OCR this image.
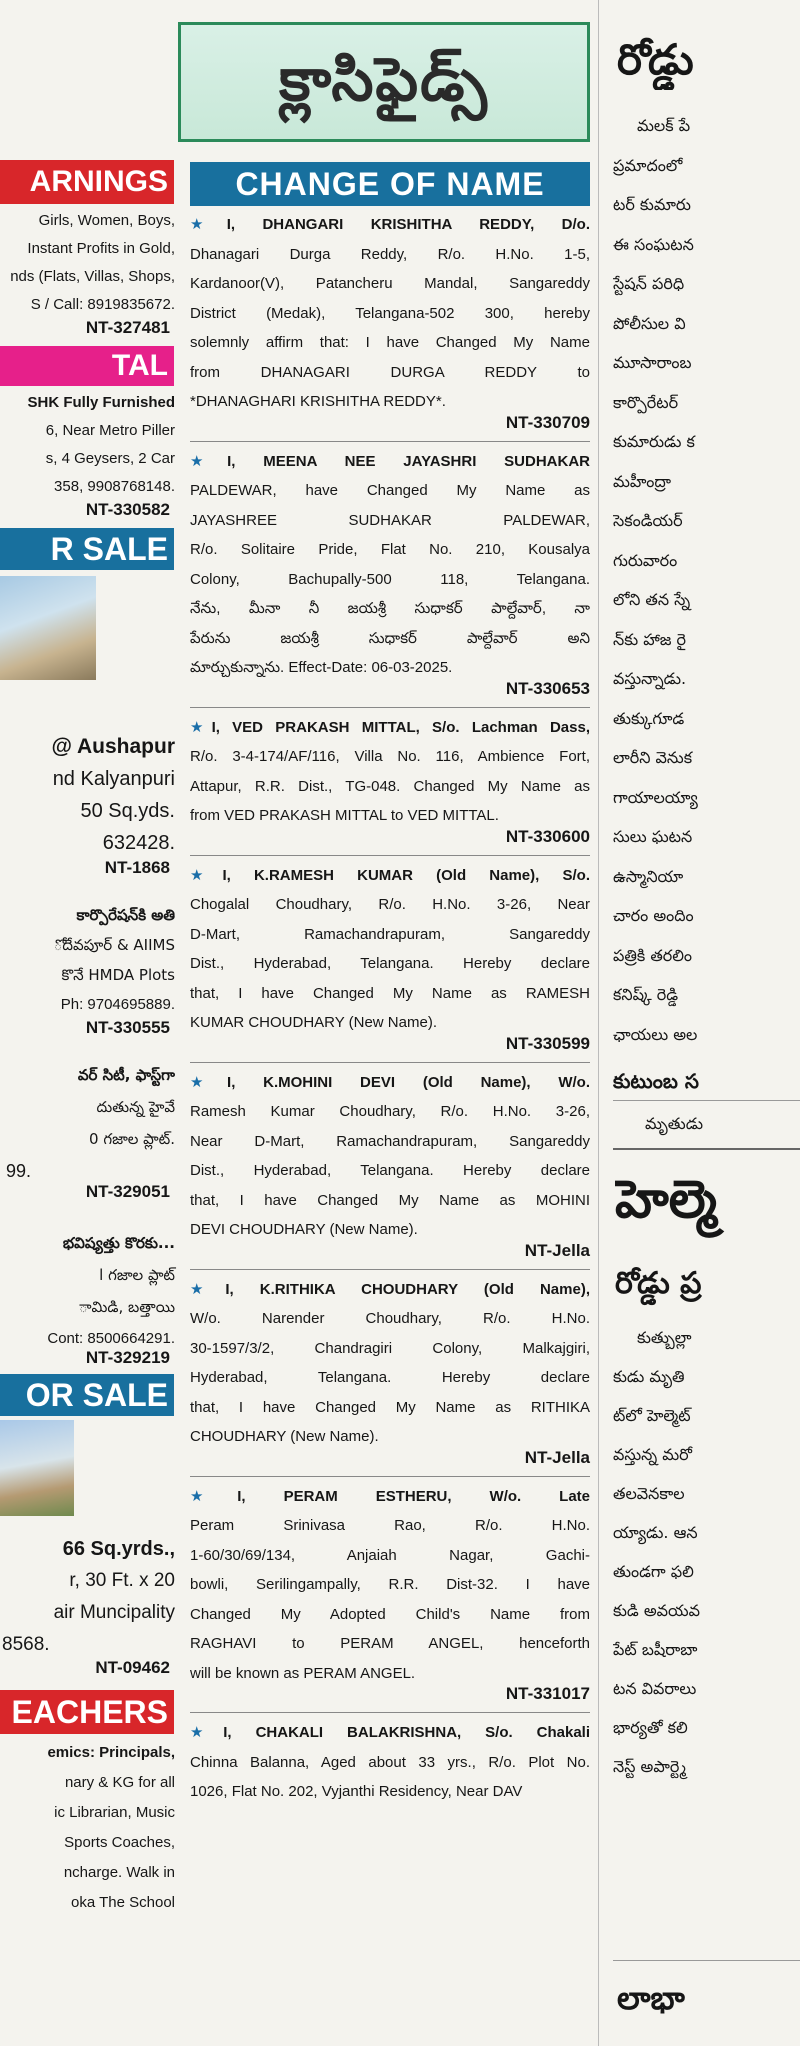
ARNINGS
Girls, Women, Boys,
Instant Profits in Gold,
nds (Flats, Villas, Shops,
S / Call: 8919835672.
NT-327481
TAL
SHK Fully Furnished
6, Near Metro Piller
s, 4 Geysers, 2 Car
358, 9908768148.
NT-330582
R SALE
@ Aushapur
nd Kalyanpuri
50 Sq.yds.
632428.
NT-1868
కార్పొరేషన్‌కి అతి
ోదేవపూర్ & AIIMS
కొనే HMDA Plots
Ph: 9704695889.
NT-330555
వర్ సిటీ, ఫాస్ట్‌గా
దుతున్న హైవే
0 గజాల ప్లాట్.
99.
NT-329051
భవిష్యత్తు కొరకు...
l గజాల ప్లాట్
ామిడి, బత్తాయి
Cont: 8500664291.
NT-329219
OR SALE
66 Sq.yrds.,
r, 30 Ft. x 20
air Muncipality
8568.
NT-09462
EACHERS
emics: Principals,
nary & KG for all
ic Librarian, Music
Sports Coaches,
ncharge. Walk in
oka The School
క్లాసిఫైడ్స్
CHANGE OF NAME
★I, DHANGARI KRISHITHA REDDY, D/o.
Dhanagari Durga Reddy, R/o. H.No. 1-5,
Kardanoor(V), Patancheru Mandal, Sangareddy
District (Medak), Telangana-502 300, hereby
solemnly affirm that: I have Changed My Name
from DHANAGARI DURGA REDDY to
*DHANAGHARI KRISHITHA REDDY*.
NT-330709
★I, MEENA NEE JAYASHRI SUDHAKAR
PALDEWAR, have Changed My Name as
JAYASHREE SUDHAKAR PALDEWAR,
R/o. Solitaire Pride, Flat No. 210, Kousalya
Colony, Bachupally-500 118, Telangana.
నేను, మీనా నీ జయశ్రీ సుధాకర్ పాల్దేవార్, నా
పేరును జయశ్రీ సుధాకర్ పాల్దేవార్ అని
మార్చుకున్నాను. Effect-Date: 06-03-2025.
NT-330653
★I, VED PRAKASH MITTAL, S/o. Lachman Dass,
R/o. 3-4-174/AF/116, Villa No. 116, Ambience Fort,
Attapur, R.R. Dist., TG-048. Changed My Name as
from VED PRAKASH MITTAL to VED MITTAL.
NT-330600
★I, K.RAMESH KUMAR (Old Name), S/o.
Chogalal Choudhary, R/o. H.No. 3-26, Near
D-Mart, Ramachandrapuram, Sangareddy
Dist., Hyderabad, Telangana. Hereby declare
that, I have Changed My Name as RAMESH
KUMAR CHOUDHARY (New Name).
NT-330599
★I, K.MOHINI DEVI (Old Name), W/o.
Ramesh Kumar Choudhary, R/o. H.No. 3-26,
Near D-Mart, Ramachandrapuram, Sangareddy
Dist., Hyderabad, Telangana. Hereby declare
that, I have Changed My Name as MOHINI
DEVI CHOUDHARY (New Name).
NT-Jella
★I, K.RITHIKA CHOUDHARY (Old Name),
W/o. Narender Choudhary, R/o. H.No.
30-1597/3/2, Chandragiri Colony, Malkajgiri,
Hyderabad, Telangana. Hereby declare
that, I have Changed My Name as RITHIKA
CHOUDHARY (New Name).
NT-Jella
★I, PERAM ESTHERU, W/o. Late
Peram Srinivasa Rao, R/o. H.No.
1-60/30/69/134, Anjaiah Nagar, Gachi-
bowli, Serilingampally, R.R. Dist-32. I have
Changed My Adopted Child's Name from
RAGHAVI to PERAM ANGEL, henceforth
will be known as PERAM ANGEL.
NT-331017
★I, CHAKALI BALAKRISHNA, S/o. Chakali
Chinna Balanna, Aged about 33 yrs., R/o. Plot No.
1026, Flat No. 202, Vyjanthi Residency, Near DAV
రోడ్డు
మలక్ పే
ప్రమాదంలో
టర్ కుమారు
ఈ సంఘటన
స్టేషన్ పరిధి
పోలీసుల వి
మూసారాంబ
కార్పొరేటర్
కుమారుడు క
మహీంద్రా
సెకండియర్
గురువారం
లోని తన స్నే
న్‌కు హాజ రై
వస్తున్నాడు.
తుక్కుగూడ
లారీని వెనుక
గాయాలయ్యా
సులు ఘటన
ఉస్మానియా
చారం అందిం
పత్రికి తరలిం
కనిష్క్ రెడ్డి
ఛాయలు అల
కుటుంబ స
మృతుడు
హెల్మె
రోడ్డు ప్ర
కుత్బుల్లా
కుడు మృతి
ట్‌లో హెల్మెట్
వస్తున్న మరో
తలవెనకాల
య్యాడు. ఆన
తుండగా ఫలి
కుడి అవయవ
పేట్ బషీరాబా
టన వివరాలు
భార్యతో కలి
నెస్ట్ అపార్ట్మె
లాభా
